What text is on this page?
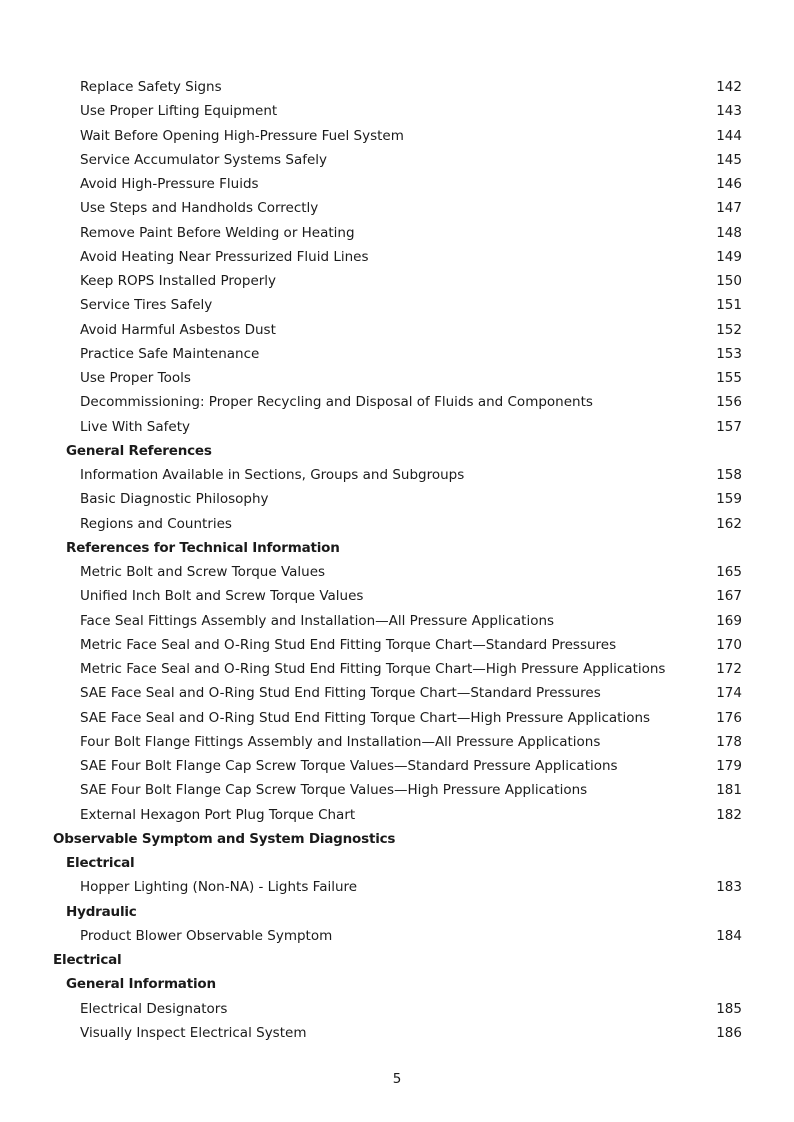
Replace Safety Signs	142
Use Proper Lifting Equipment	143
Wait Before Opening High-Pressure Fuel System	144
Service Accumulator Systems Safely	145
Avoid High-Pressure Fluids	146
Use Steps and Handholds Correctly	147
Remove Paint Before Welding or Heating	148
Avoid Heating Near Pressurized Fluid Lines	149
Keep ROPS Installed Properly	150
Service Tires Safely	151
Avoid Harmful Asbestos Dust	152
Practice Safe Maintenance	153
Use Proper Tools	155
Decommissioning: Proper Recycling and Disposal of Fluids and Components	156
Live With Safety	157
General References
Information Available in Sections, Groups and Subgroups	158
Basic Diagnostic Philosophy	159
Regions and Countries	162
References for Technical Information
Metric Bolt and Screw Torque Values	165
Unified Inch Bolt and Screw Torque Values	167
Face Seal Fittings Assembly and Installation—All Pressure Applications	169
Metric Face Seal and O-Ring Stud End Fitting Torque Chart—Standard Pressures	170
Metric Face Seal and O-Ring Stud End Fitting Torque Chart—High Pressure Applications	172
SAE Face Seal and O-Ring Stud End Fitting Torque Chart—Standard Pressures	174
SAE Face Seal and O-Ring Stud End Fitting Torque Chart—High Pressure Applications	176
Four Bolt Flange Fittings Assembly and Installation—All Pressure Applications	178
SAE Four Bolt Flange Cap Screw Torque Values—Standard Pressure Applications	179
SAE Four Bolt Flange Cap Screw Torque Values—High Pressure Applications	181
External Hexagon Port Plug Torque Chart	182
Observable Symptom and System Diagnostics
Electrical
Hopper Lighting (Non-NA) - Lights Failure	183
Hydraulic
Product Blower Observable Symptom	184
Electrical
General Information
Electrical Designators	185
Visually Inspect Electrical System	186
5
